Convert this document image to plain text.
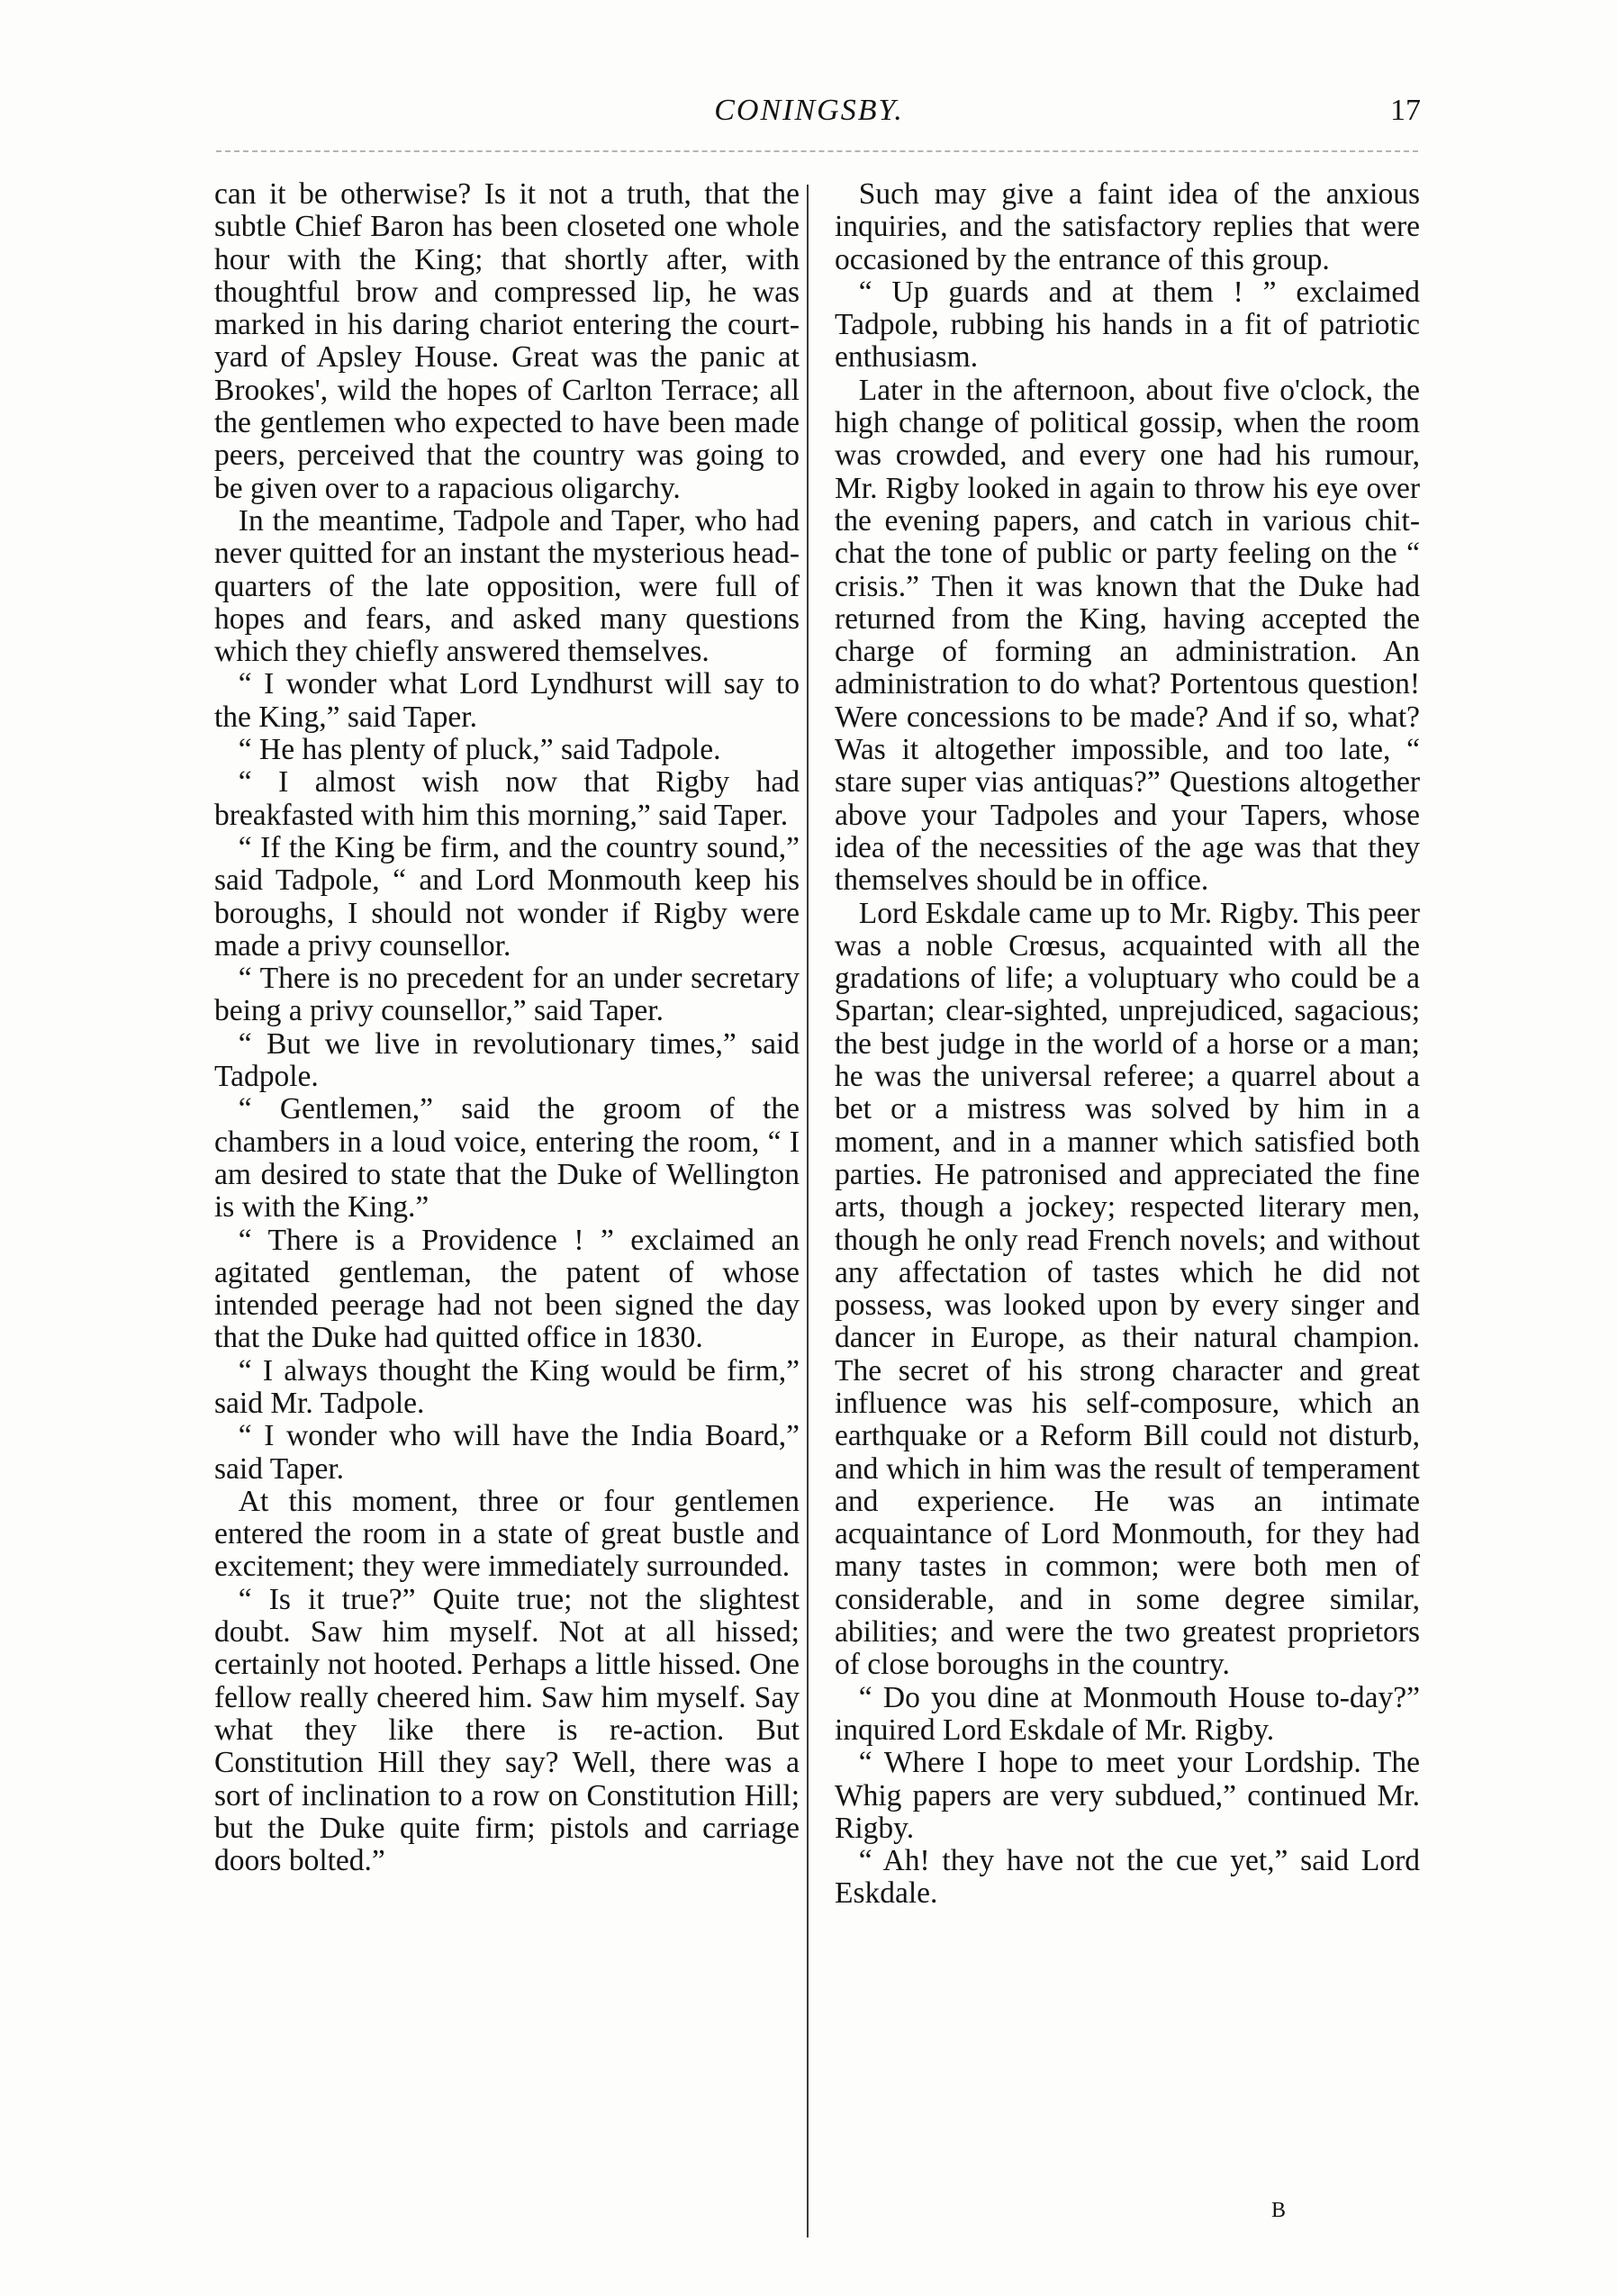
CONINGSBY.	17

can it be otherwise? Is it not a truth, that the subtle Chief Baron has been closeted one whole hour with the King; that shortly after, with thoughtful brow and compressed lip, he was marked in his daring chariot entering the court-yard of Apsley House. Great was the panic at Brookes', wild the hopes of Carlton Terrace; all the gentlemen who expected to have been made peers, perceived that the country was going to be given over to a rapacious oligarchy.

In the meantime, Tadpole and Taper, who had never quitted for an instant the mysterious head-quarters of the late opposition, were full of hopes and fears, and asked many questions which they chiefly answered themselves.

“ I wonder what Lord Lyndhurst will say to the King,” said Taper.

“ He has plenty of pluck,” said Tadpole.

“ I almost wish now that Rigby had breakfasted with him this morning,” said Taper.

“ If the King be firm, and the country sound,” said Tadpole, “ and Lord Monmouth keep his boroughs, I should not wonder if Rigby were made a privy counsellor.

“ There is no precedent for an under secretary being a privy counsellor,” said Taper.

“ But we live in revolutionary times,” said Tadpole.

“ Gentlemen,” said the groom of the chambers in a loud voice, entering the room, “ I am desired to state that the Duke of Wellington is with the King.”

“ There is a Providence ! ” exclaimed an agitated gentleman, the patent of whose intended peerage had not been signed the day that the Duke had quitted office in 1830.

“ I always thought the King would be firm,” said Mr. Tadpole.

“ I wonder who will have the India Board,” said Taper.

At this moment, three or four gentlemen entered the room in a state of great bustle and excitement; they were immediately surrounded.

“ Is it true?” Quite true; not the slightest doubt. Saw him myself. Not at all hissed; certainly not hooted. Perhaps a little hissed. One fellow really cheered him. Saw him myself. Say what they like there is re-action. But Constitution Hill they say? Well, there was a sort of inclination to a row on Constitution Hill; but the Duke quite firm; pistols and carriage doors bolted.”

Such may give a faint idea of the anxious inquiries, and the satisfactory replies that were occasioned by the entrance of this group.

“ Up guards and at them ! ” exclaimed Tadpole, rubbing his hands in a fit of patriotic enthusiasm.

Later in the afternoon, about five o'clock, the high change of political gossip, when the room was crowded, and every one had his rumour, Mr. Rigby looked in again to throw his eye over the evening papers, and catch in various chit-chat the tone of public or party feeling on the “ crisis.” Then it was known that the Duke had returned from the King, having accepted the charge of forming an administration. An administration to do what? Portentous question! Were concessions to be made? And if so, what? Was it altogether impossible, and too late, “ stare super vias antiquas?” Questions altogether above your Tadpoles and your Tapers, whose idea of the necessities of the age was that they themselves should be in office.

Lord Eskdale came up to Mr. Rigby. This peer was a noble Crœsus, acquainted with all the gradations of life; a voluptuary who could be a Spartan; clear-sighted, unprejudiced, sagacious; the best judge in the world of a horse or a man; he was the universal referee; a quarrel about a bet or a mistress was solved by him in a moment, and in a manner which satisfied both parties. He patronised and appreciated the fine arts, though a jockey; respected literary men, though he only read French novels; and without any affectation of tastes which he did not possess, was looked upon by every singer and dancer in Europe, as their natural champion. The secret of his strong character and great influence was his self-composure, which an earthquake or a Reform Bill could not disturb, and which in him was the result of temperament and experience. He was an intimate acquaintance of Lord Monmouth, for they had many tastes in common; were both men of considerable, and in some degree similar, abilities; and were the two greatest proprietors of close boroughs in the country.

“ Do you dine at Monmouth House to-day?” inquired Lord Eskdale of Mr. Rigby.

“ Where I hope to meet your Lordship. The Whig papers are very subdued,” continued Mr. Rigby.

“ Ah! they have not the cue yet,” said Lord Eskdale.

B
